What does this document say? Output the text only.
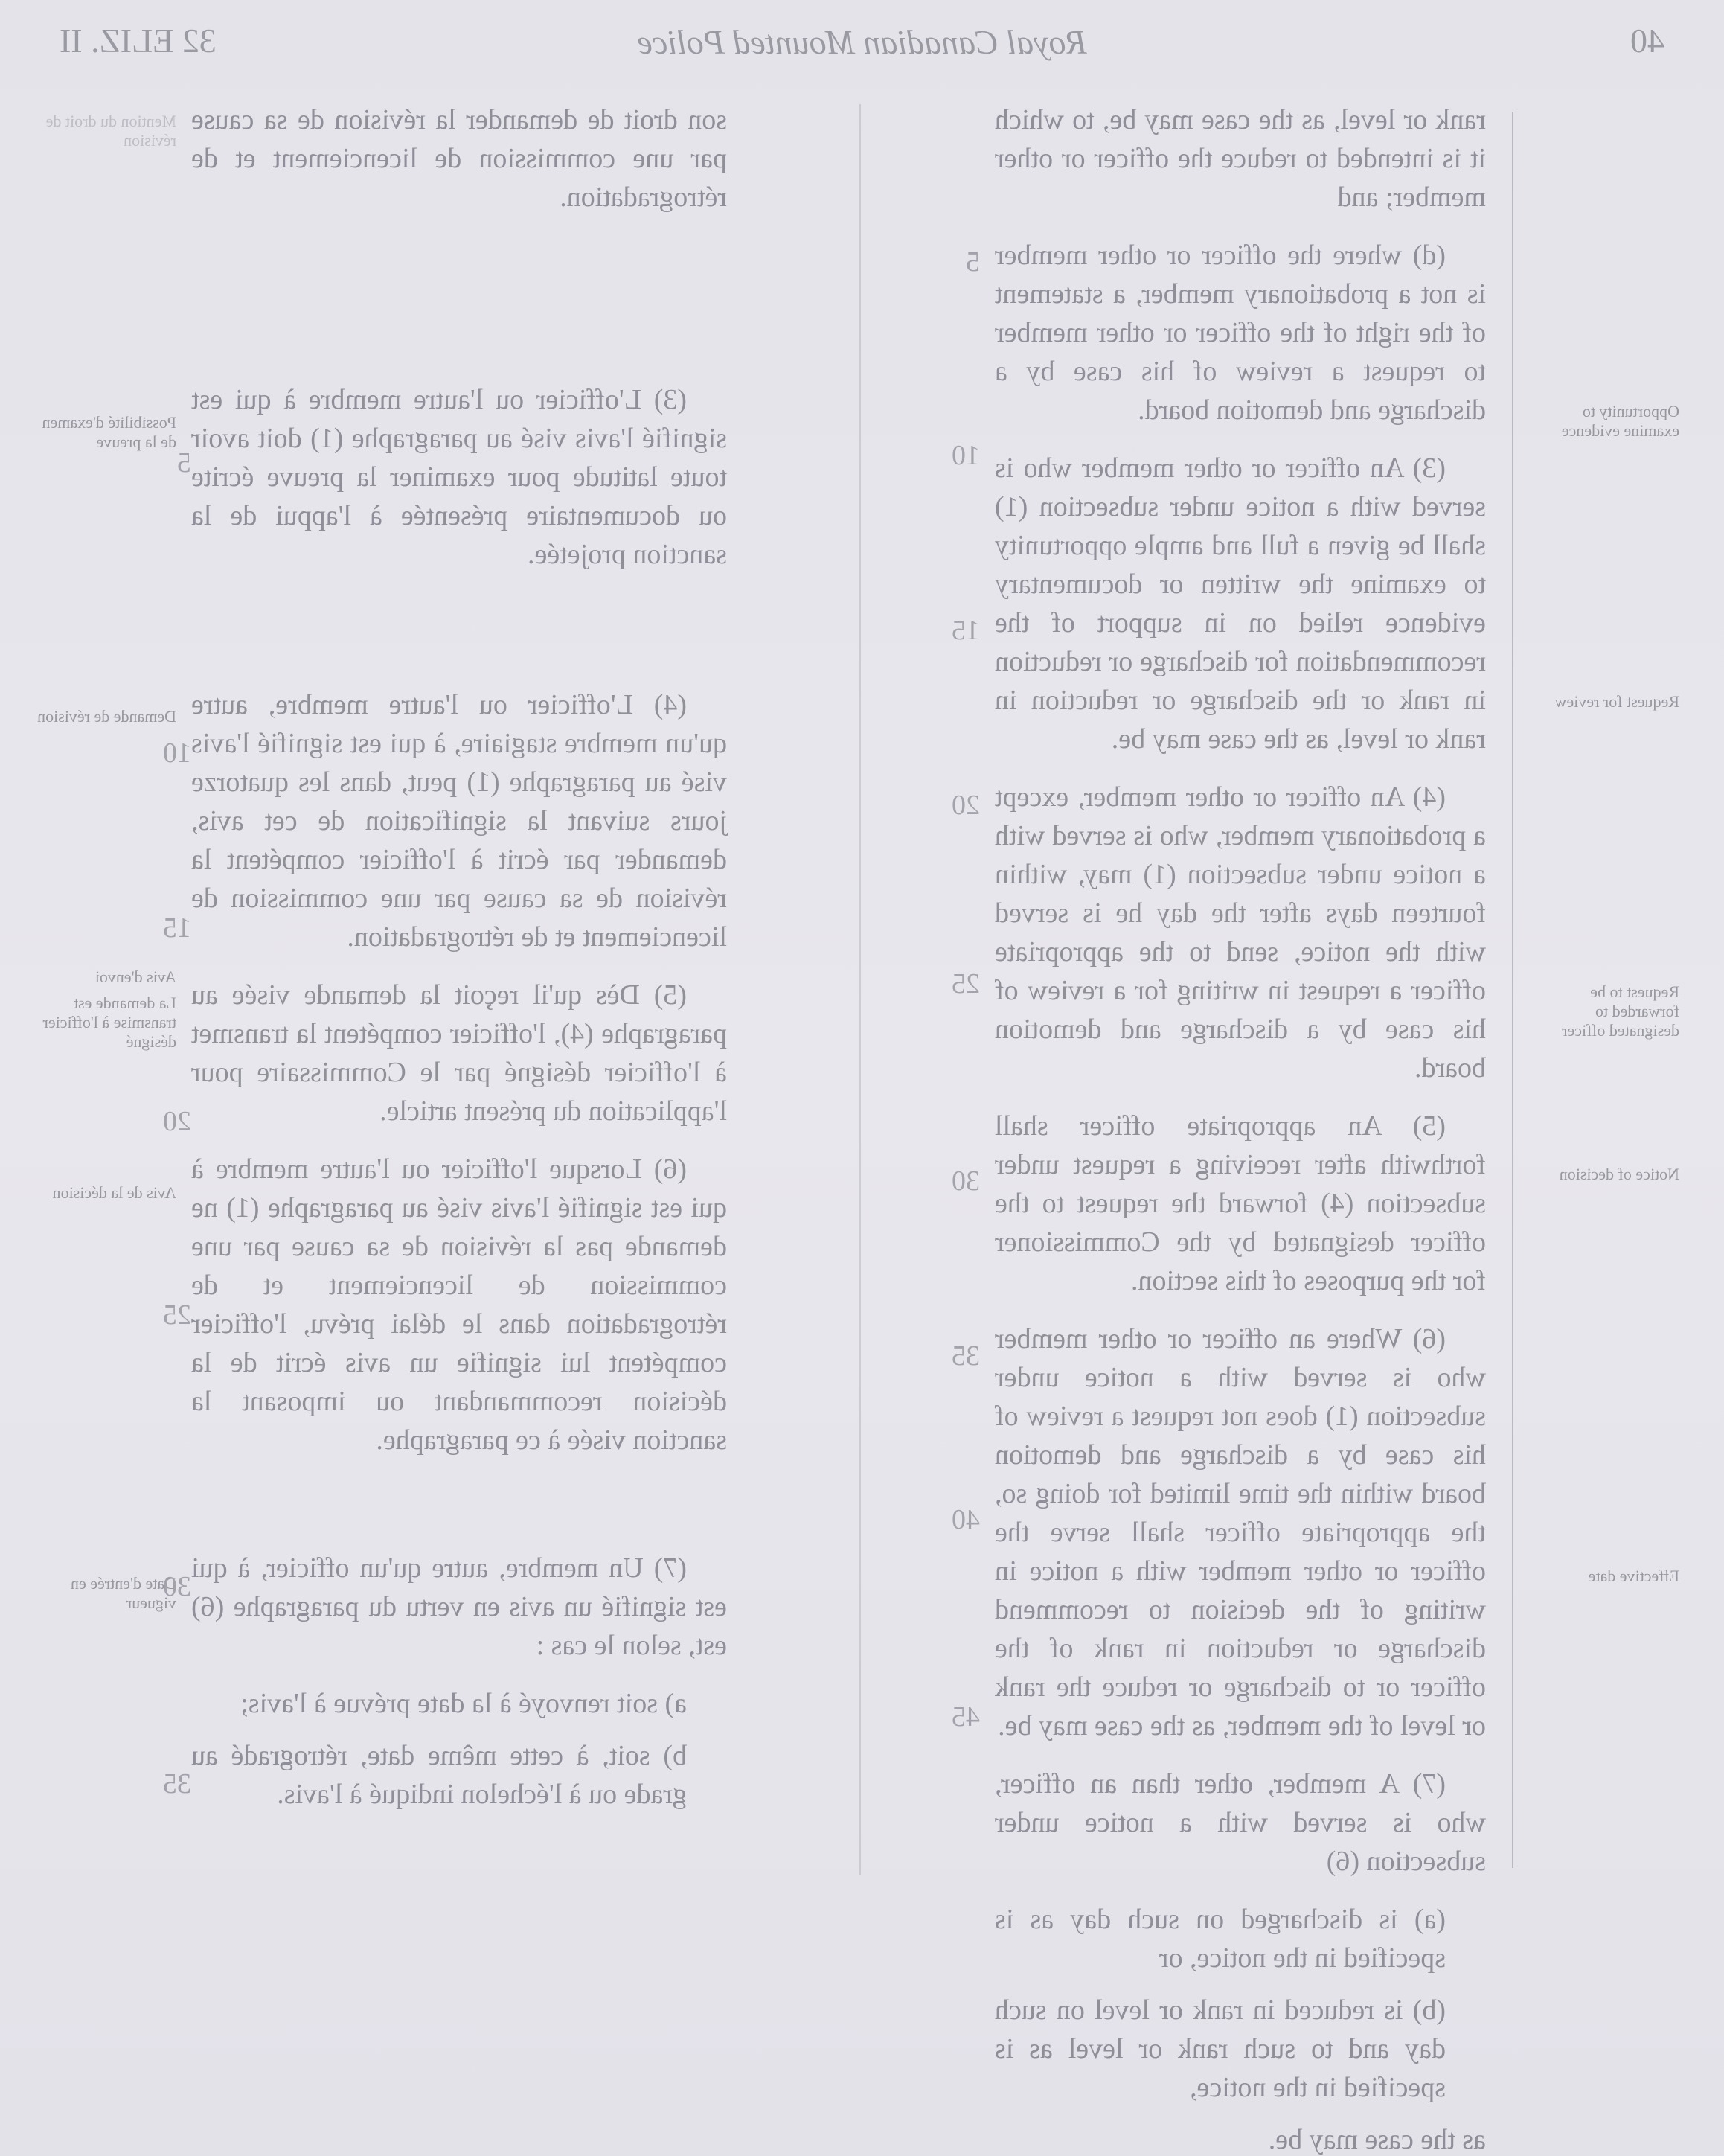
40
Royal Canadian Mounted Police
32 ELIZ. II
Opportunity to examine evidence
Request for review
Request to be forwarded to designated officer
Notice of decision
Effective date

rank or level, as the case may be, to which it is intended to reduce the officer or other member; and

(d) where the officer or other member is not a probationary member, a statement of the right of the officer or other member to request a review of his case by a discharge and demotion board.

(3) An officer or other member who is served with a notice under subsection (1) shall be given a full and ample opportunity to examine the written or documentary evidence relied on in support of the recommendation for discharge or reduction in rank or the discharge or reduction in rank or level, as the case may be.

(4) An officer or other member, except a probationary member, who is served with a notice under subsection (1) may, within fourteen days after the day he is served with the notice, send to the appropriate officer a request in writing for a review of his case by a discharge and demotion board.

(5) An appropriate officer shall forthwith after receiving a request under subsection (4) forward the request to the officer designated by the Commissioner for the purposes of this section.

(6) Where an officer or other member who is served with a notice under subsection (1) does not request a review of his case by a discharge and demotion board within the time limited for doing so, the appropriate officer shall serve the officer or other member with a notice in writing of the decision to recommend discharge or reduction in rank of the officer or to discharge or reduce the rank or level of the member, as the case may be.

(7) A member, other than an officer, who is served with a notice under subsection (6)

(a) is discharged on such day as is specified in the notice, or

(b) is reduced in rank or level on such day and to such rank or level as is specified in the notice,

as the case may be.

5
10
15
20
25
30
35
40
45

son droit de demander la révision de sa cause par une commission de licenciement et de rétrogradation.

(3) L'officier ou l'autre membre à qui est signifié l'avis visé au paragraphe (1) doit avoir toute latitude pour examiner la preuve écrite ou documentaire présentée à l'appui de la sanction projetée.

(4) L'officier ou l'autre membre, autre qu'un membre stagiaire, à qui est signifié l'avis visé au paragraphe (1) peut, dans les quatorze jours suivant la signification de cet avis, demander par écrit à l'officier compétent la révision de sa cause par une commission de licenciement et de rétrogradation.

(5) Dès qu'il reçoit la demande visée au paragraphe (4), l'officier compétent la transmet à l'officier désigné par le Commissaire pour l'application du présent article.

(6) Lorsque l'officier ou l'autre membre à qui est signifié l'avis visé au paragraphe (1) ne demande pas la révision de sa cause par une commission de licenciement et de rétrogradation dans le délai prévu, l'officier compétent lui signifie un avis écrit de la décision recommandant ou imposant la sanction visée à ce paragraphe.

(7) Un membre, autre qu'un officier, à qui est signifié un avis en vertu du paragraphe (6) est, selon le cas :

a) soit renvoyé à la date prévue à l'avis;

b) soit, à cette même date, rétrogradé au grade ou à l'échelon indiqué à l'avis.

Mention du droit de révision
Possibilité d'examen de la preuve
Demande de révision
Avis d'envoi
La demande est transmise à l'officier désigné
Avis de la décision
Date d'entrée en vigueur
5
10
15
20
25
30
35
